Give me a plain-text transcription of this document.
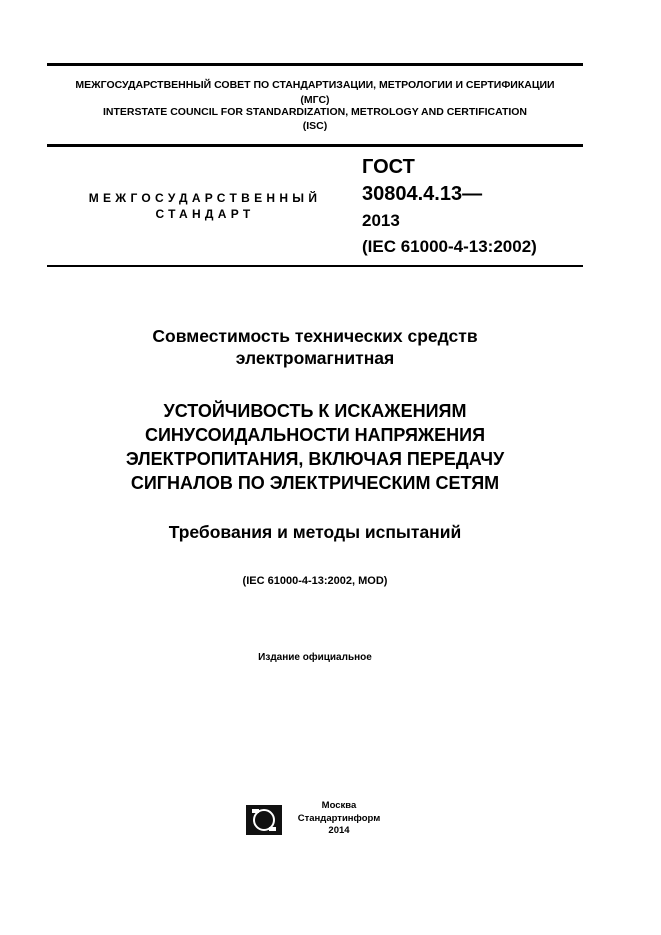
МЕЖГОСУДАРСТВЕННЫЙ СОВЕТ ПО СТАНДАРТИЗАЦИИ, МЕТРОЛОГИИ И СЕРТИФИКАЦИИ
(МГС)
INTERSTATE COUNCIL FOR STANDARDIZATION, METROLOGY AND CERTIFICATION
(ISC)
МЕЖГОСУДАРСТВЕННЫЙ
СТАНДАРТ
ГОСТ
30804.4.13—
2013
(IEC 61000-4-13:2002)
Совместимость технических средств
электромагнитная
УСТОЙЧИВОСТЬ К ИСКАЖЕНИЯМ
СИНУСОИДАЛЬНОСТИ НАПРЯЖЕНИЯ
ЭЛЕКТРОПИТАНИЯ, ВКЛЮЧАЯ ПЕРЕДАЧУ
СИГНАЛОВ ПО ЭЛЕКТРИЧЕСКИМ СЕТЯМ
Требования и методы испытаний
(IEC 61000-4-13:2002, MOD)
Издание официальное
Москва
Стандартинформ
2014
